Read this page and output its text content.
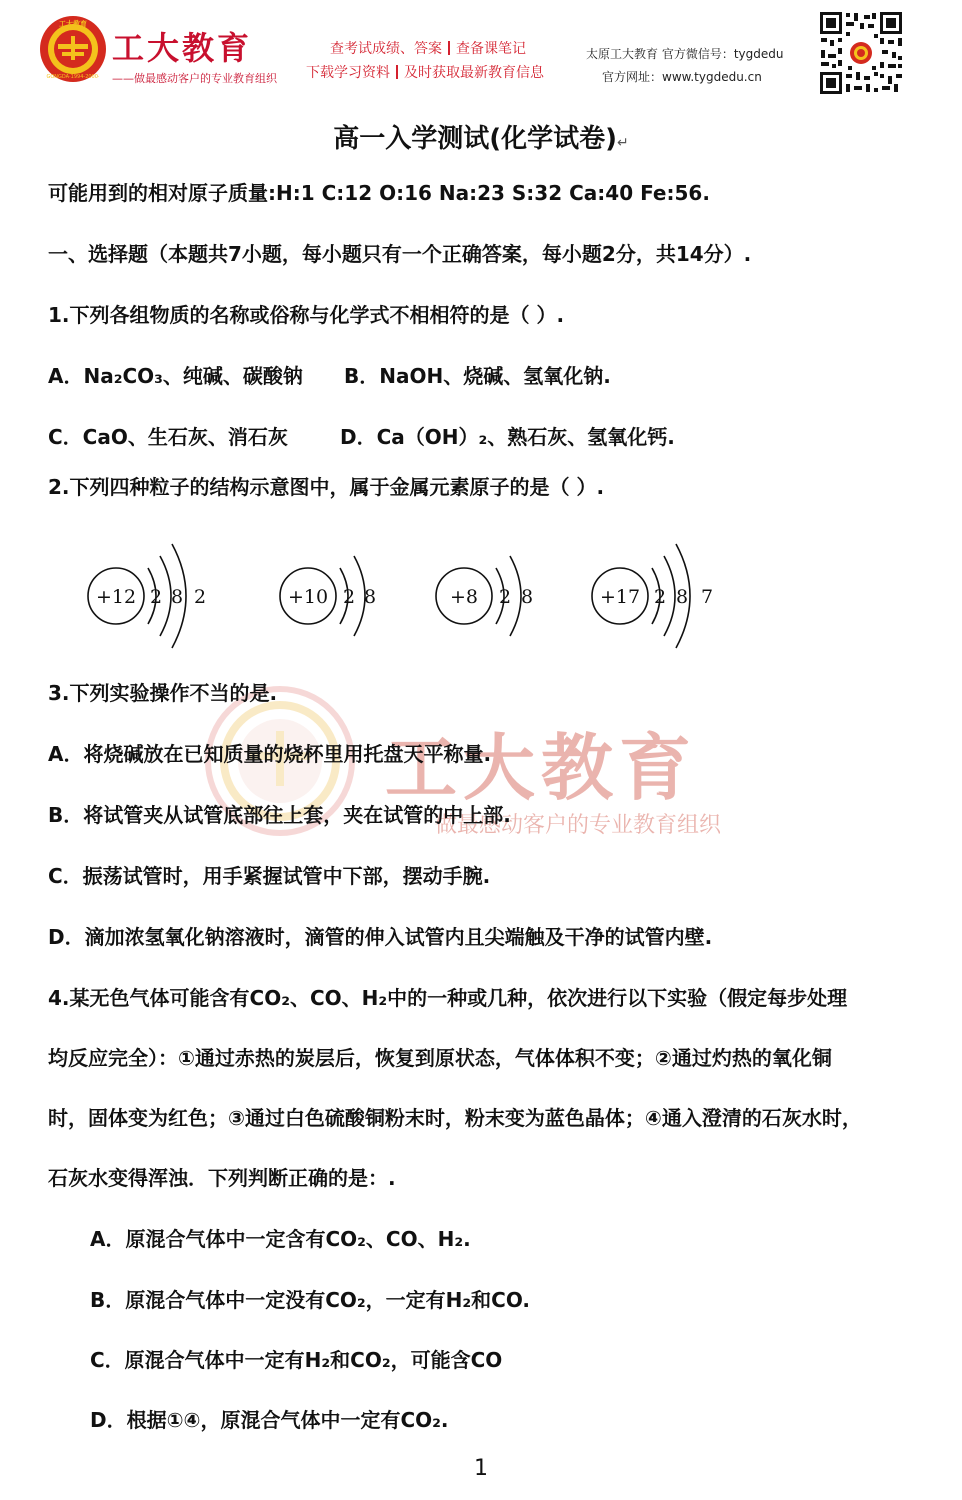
工大教育
GONGDA·1994-2000·
工大教育
——做最感动客户的专业教育组织
查考试成绩、答案 查备课笔记
下载学习资料 及时获取最新教育信息
太原工大教育 官方微信号：tygdedu
官方网址：www.tygdedu.cn
工大教育
做最感动客户的专业教育组织
高一入学测试(化学试卷)↵
可能用到的相对原子质量:H:1 C:12 O:16 Na:23 S:32 Ca:40 Fe:56.
一、选择题（本题共7小题，每小题只有一个正确答案，每小题2分，共14分）.
1.下列各组物质的名称或俗称与化学式不相相符的是（ ）.
A．Na₂CO₃、纯碱、碳酸钠 B．NaOH、烧碱、氢氧化钠.
C．CaO、生石灰、消石灰	D．Ca（OH）₂、熟石灰、氢氧化钙.
2.下列四种粒子的结构示意图中，属于金属元素原子的是（ ）.
+12 2 8 2	+10 2 8	+8 2 8	+17 2 8 7
3.下列实验操作不当的是.
A．将烧碱放在已知质量的烧杯里用托盘天平称量.
B．将试管夹从试管底部往上套，夹在试管的中上部.
C．振荡试管时，用手紧握试管中下部，摆动手腕.
D．滴加浓氢氧化钠溶液时，滴管的伸入试管内且尖端触及干净的试管内壁.
4.某无色气体可能含有CO₂、CO、H₂中的一种或几种，依次进行以下实验（假定每步处理
均反应完全）：①通过赤热的炭层后，恢复到原状态，气体体积不变；②通过灼热的氧化铜
时，固体变为红色；③通过白色硫酸铜粉末时，粉末变为蓝色晶体；④通入澄清的石灰水时，
石灰水变得浑浊．下列判断正确的是：.
A．原混合气体中一定含有CO₂、CO、H₂.
B．原混合气体中一定没有CO₂，一定有H₂和CO.
C．原混合气体中一定有H₂和CO₂，可能含CO
D．根据①④，原混合气体中一定有CO₂.
1
